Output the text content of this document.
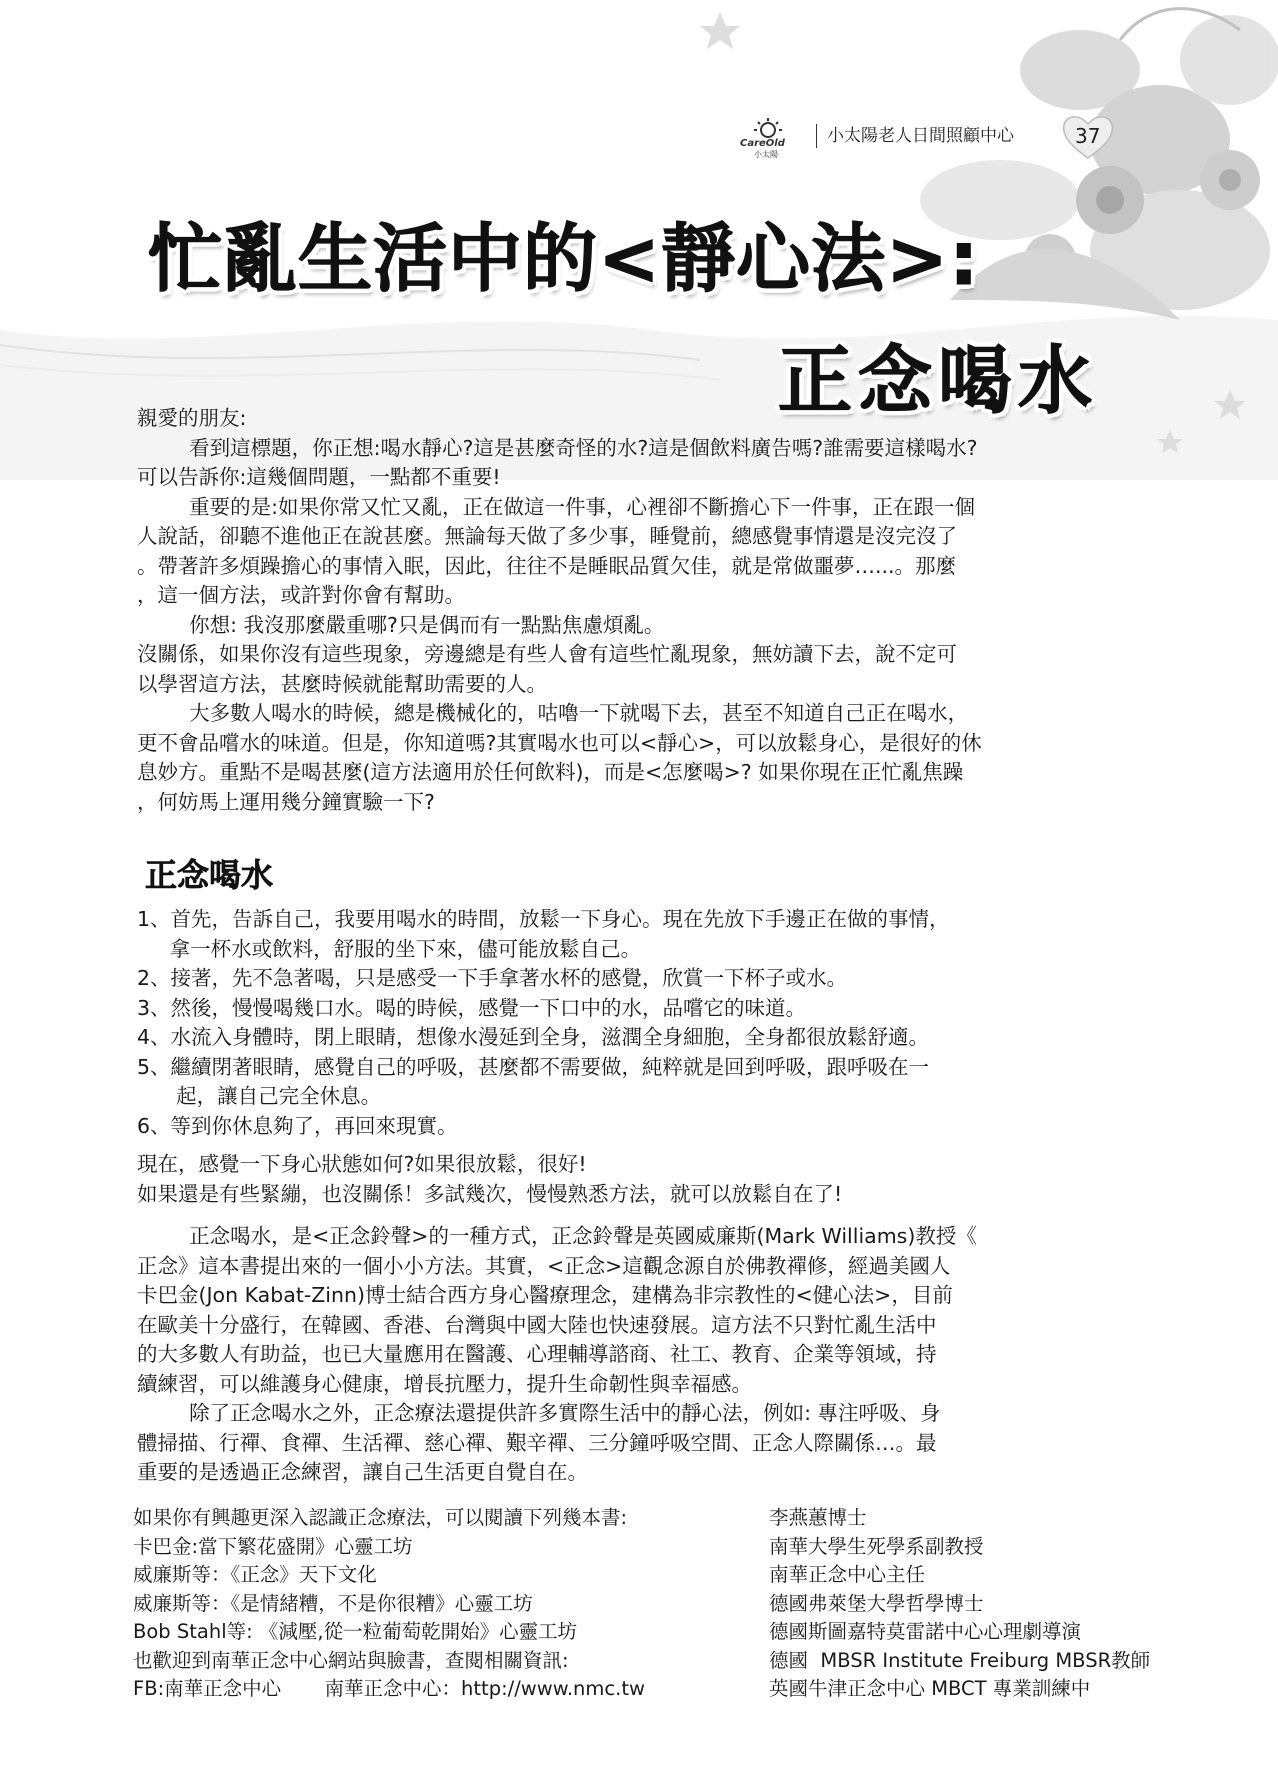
CareOld
小太陽
小太陽老人日間照顧中心	37
忙亂生活中的<靜心法>:
正念喝水

親愛的朋友:

看到這標題，你正想:喝水靜心?這是甚麼奇怪的水?這是個飲料廣告嗎?誰需要這樣喝水?

可以告訴你:這幾個問題，一點都不重要!

重要的是:如果你常又忙又亂，正在做這一件事，心裡卻不斷擔心下一件事，正在跟一個

人說話，卻聽不進他正在說甚麼。無論每天做了多少事，睡覺前，總感覺事情還是沒完沒了

。帶著許多煩躁擔心的事情入眠，因此，往往不是睡眠品質欠佳，就是常做噩夢…...。那麼

，這一個方法，或許對你會有幫助。

你想: 我沒那麼嚴重哪?只是偶而有一點點焦慮煩亂。

沒關係，如果你沒有這些現象，旁邊總是有些人會有這些忙亂現象，無妨讀下去，說不定可

以學習這方法，甚麼時候就能幫助需要的人。

大多數人喝水的時候，總是機械化的，咕嚕一下就喝下去，甚至不知道自己正在喝水，

更不會品嚐水的味道。但是，你知道嗎?其實喝水也可以<靜心>，可以放鬆身心，是很好的休

息妙方。重點不是喝甚麼(這方法適用於任何飲料)，而是<怎麼喝>? 如果你現在正忙亂焦躁

，何妨馬上運用幾分鐘實驗一下?

正念喝水

1、首先，告訴自己，我要用喝水的時間，放鬆一下身心。現在先放下手邊正在做的事情，

拿一杯水或飲料，舒服的坐下來，儘可能放鬆自己。

2、接著，先不急著喝，只是感受一下手拿著水杯的感覺，欣賞一下杯子或水。

3、然後，慢慢喝幾口水。喝的時候，感覺一下口中的水，品嚐它的味道。

4、水流入身體時，閉上眼睛，想像水漫延到全身，滋潤全身細胞，全身都很放鬆舒適。

5、繼續閉著眼睛，感覺自己的呼吸，甚麼都不需要做，純粹就是回到呼吸，跟呼吸在一

起，讓自己完全休息。

6、等到你休息夠了，再回來現實。

現在，感覺一下身心狀態如何?如果很放鬆，很好!

如果還是有些緊繃，也沒關係！多試幾次，慢慢熟悉方法，就可以放鬆自在了!

正念喝水，是<正念鈴聲>的一種方式，正念鈴聲是英國威廉斯(Mark Williams)教授《

正念》這本書提出來的一個小小方法。其實，<正念>這觀念源自於佛教禪修，經過美國人

卡巴金(Jon Kabat-Zinn)博士結合西方身心醫療理念，建構為非宗教性的<健心法>，目前

在歐美十分盛行，在韓國、香港、台灣與中國大陸也快速發展。這方法不只對忙亂生活中

的大多數人有助益，也已大量應用在醫護、心理輔導諮商、社工、教育、企業等領域，持

續練習，可以維護身心健康，增長抗壓力，提升生命韌性與幸福感。

除了正念喝水之外，正念療法還提供許多實際生活中的靜心法，例如: 專注呼吸、身

體掃描、行禪、食禪、生活禪、慈心禪、艱辛禪、三分鐘呼吸空間、正念人際關係…。最

重要的是透過正念練習，讓自己生活更自覺自在。

如果你有興趣更深入認識正念療法，可以閱讀下列幾本書:
卡巴金:當下繁花盛開》心靈工坊
威廉斯等：《正念》天下文化
威廉斯等：《是情緒糟，不是你很糟》心靈工坊
Bob Stahl等: 《減壓,從一粒葡萄乾開始》心靈工坊
也歡迎到南華正念中心網站與臉書，查閱相關資訊:
FB:南華正念中心       南華正念中心：http://www.nmc.tw
李燕蕙博士
南華大學生死學系副教授
南華正念中心主任
德國弗萊堡大學哲學博士
德國斯圖嘉特莫雷諾中心心理劇導演
德國  MBSR Institute Freiburg MBSR教師
英國牛津正念中心 MBCT 專業訓練中
